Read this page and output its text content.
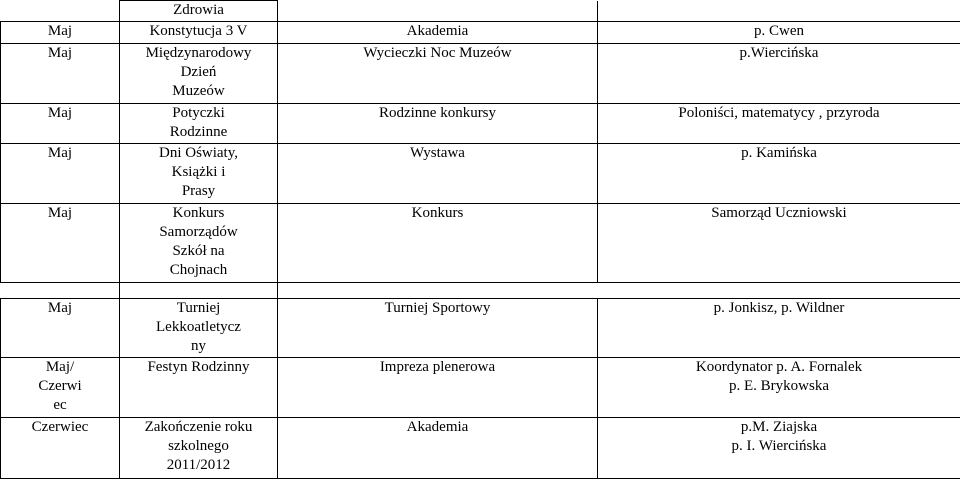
	Zdrowia		

Maj	Konstytucja 3 V	Akademia	p. Cwen

Maj	Międzynarodowy
Dzień
Muzeów	Wycieczki Noc Muzeów	p.Wiercińska

Maj	Potyczki
Rodzinne	Rodzinne konkursy	Poloniści, matematycy , przyroda

Maj	Dni Oświaty,
Książki i
Prasy	Wystawa	p. Kamińska

Maj	Konkurs
Samorządów
Szkół na
Chojnach	Konkurs	Samorząd Uczniowski

Maj	Turniej
Lekkoatletycz
ny	Turniej Sportowy	p. Jonkisz, p. Wildner

Maj/
Czerwi
ec	Festyn Rodzinny	Impreza plenerowa	Koordynator p. A. Fornalek
p. E. Brykowska

Czerwiec	Zakończenie roku
szkolnego
2011/2012	Akademia	p.M. Ziajska
p. I. Wiercińska
